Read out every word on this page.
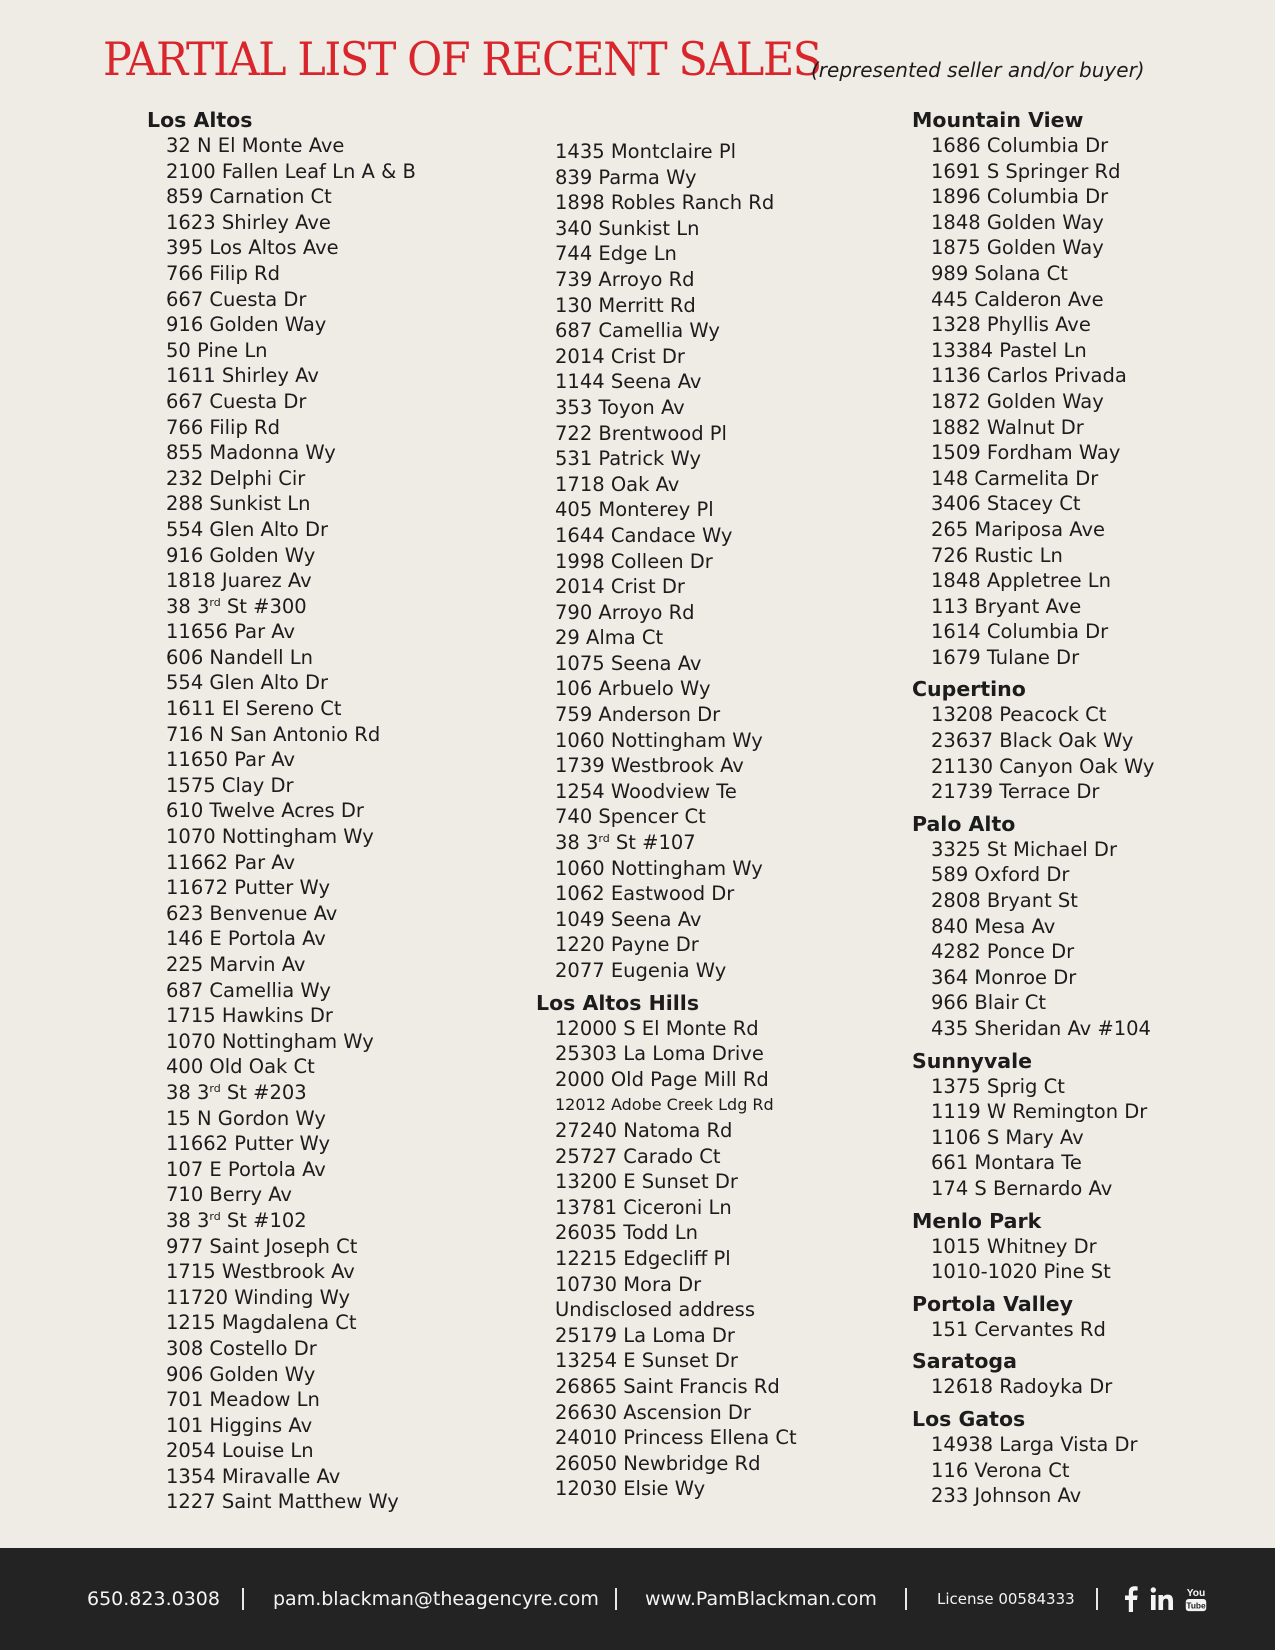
PARTIAL LIST OF RECENT SALES
(represented seller and/or buyer)
Los Altos
32 N El Monte Ave
2100 Fallen Leaf Ln A & B
859 Carnation Ct
1623 Shirley Ave
395 Los Altos Ave
766 Filip Rd
667 Cuesta Dr
916 Golden Way
50 Pine Ln
1611 Shirley Av
667 Cuesta Dr
766 Filip Rd
855 Madonna Wy
232 Delphi Cir
288 Sunkist Ln
554 Glen Alto Dr
916 Golden Wy
1818 Juarez Av
38 3rd St #300
11656 Par Av
606 Nandell Ln
554 Glen Alto Dr
1611 El Sereno Ct
716 N San Antonio Rd
11650 Par Av
1575 Clay Dr
610 Twelve Acres Dr
1070 Nottingham Wy
11662 Par Av
11672 Putter Wy
623 Benvenue Av
146 E Portola Av
225 Marvin Av
687 Camellia Wy
1715 Hawkins Dr
1070 Nottingham Wy
400 Old Oak Ct
38 3rd St #203
15 N Gordon Wy
11662 Putter Wy
107 E Portola Av
710 Berry Av
38 3rd St #102
977 Saint Joseph Ct
1715 Westbrook Av
11720 Winding Wy
1215 Magdalena Ct
308 Costello Dr
906 Golden Wy
701 Meadow Ln
101 Higgins Av
2054 Louise Ln
1354 Miravalle Av
1227 Saint Matthew Wy
1435 Montclaire Pl
839 Parma Wy
1898 Robles Ranch Rd
340 Sunkist Ln
744 Edge Ln
739 Arroyo Rd
130 Merritt Rd
687 Camellia Wy
2014 Crist Dr
1144 Seena Av
353 Toyon Av
722 Brentwood Pl
531 Patrick Wy
1718 Oak Av
405 Monterey Pl
1644 Candace Wy
1998 Colleen Dr
2014 Crist Dr
790 Arroyo Rd
29 Alma Ct
1075 Seena Av
106 Arbuelo Wy
759 Anderson Dr
1060 Nottingham Wy
1739 Westbrook Av
1254 Woodview Te
740 Spencer Ct
38 3rd St #107
1060 Nottingham Wy
1062 Eastwood Dr
1049 Seena Av
1220 Payne Dr
2077 Eugenia Wy
Los Altos Hills
12000 S El Monte Rd
25303 La Loma Drive
2000 Old Page Mill Rd
12012 Adobe Creek Ldg Rd
27240 Natoma Rd
25727 Carado Ct
13200 E Sunset Dr
13781 Ciceroni Ln
26035 Todd Ln
12215 Edgecliff Pl
10730 Mora Dr
Undisclosed address
25179 La Loma Dr
13254 E Sunset Dr
26865 Saint Francis Rd
26630 Ascension Dr
24010 Princess Ellena Ct
26050 Newbridge Rd
12030 Elsie Wy
Mountain View
1686 Columbia Dr
1691 S Springer Rd
1896 Columbia Dr
1848 Golden Way
1875 Golden Way
989 Solana Ct
445 Calderon Ave
1328 Phyllis Ave
13384 Pastel Ln
1136 Carlos Privada
1872 Golden Way
1882 Walnut Dr
1509 Fordham Way
148 Carmelita Dr
3406 Stacey Ct
265 Mariposa Ave
726 Rustic Ln
1848 Appletree Ln
113 Bryant Ave
1614 Columbia Dr
1679 Tulane Dr
Cupertino
13208 Peacock Ct
23637 Black Oak Wy
21130 Canyon Oak Wy
21739 Terrace Dr
Palo Alto
3325 St Michael Dr
589 Oxford Dr
2808 Bryant St
840 Mesa Av
4282 Ponce Dr
364 Monroe Dr
966 Blair Ct
435 Sheridan Av #104
Sunnyvale
1375 Sprig Ct
1119 W Remington Dr
1106 S Mary Av
661 Montara Te
174 S Bernardo Av
Menlo Park
1015 Whitney Dr
1010-1020 Pine St
Portola Valley
151 Cervantes Rd
Saratoga
12618 Radoyka Dr
Los Gatos
14938 Larga Vista Dr
116 Verona Ct
233 Johnson Av
650.823.0308	pam.blackman@theagencyre.com www.PamBlackman.com	License 00584333	You
Tube
